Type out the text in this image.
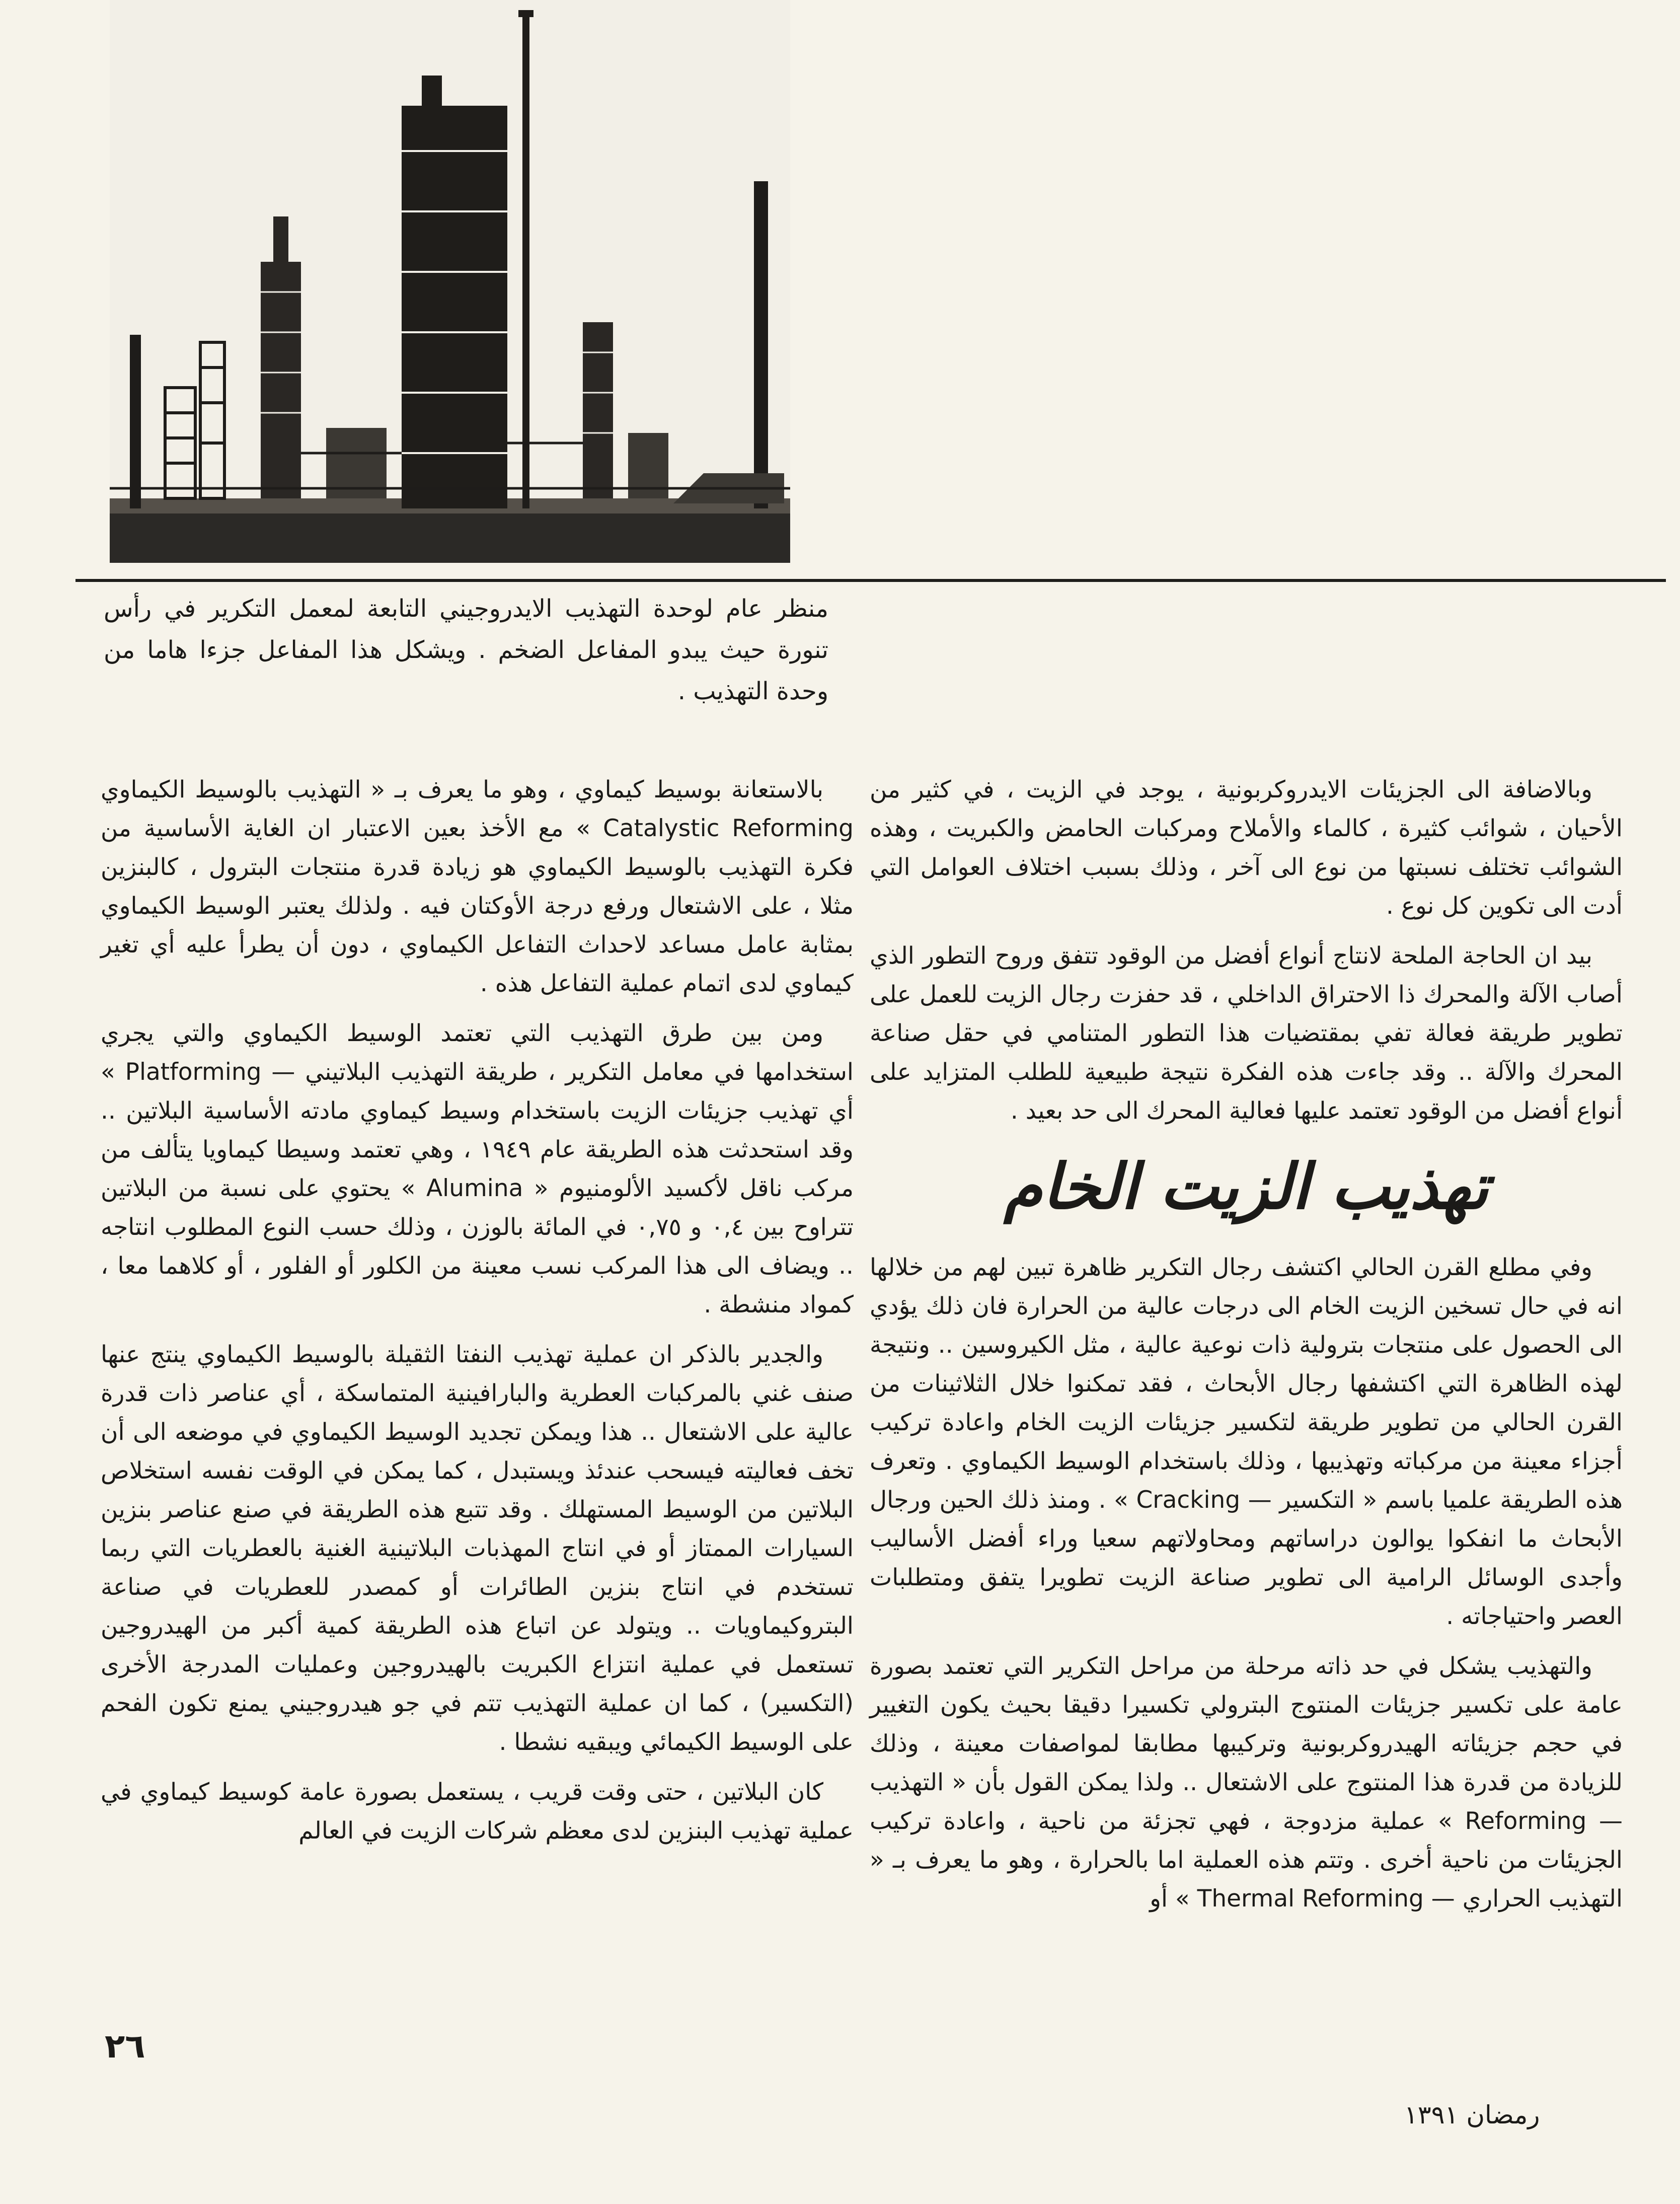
منظر عام لوحدة التهذيب الايدروجيني التابعة لمعمل التكرير في رأس تنورة حيث يبدو المفاعل الضخم . ويشكل هذا المفاعل جزءا هاما من وحدة التهذيب .

وبالاضافة الى الجزيئات الايدروكربونية ، يوجد في الزيت ، في كثير من الأحيان ، شوائب كثيرة ، كالماء والأملاح ومركبات الحامض والكبريت ، وهذه الشوائب تختلف نسبتها من نوع الى آخر ، وذلك بسبب اختلاف العوامل التي أدت الى تكوين كل نوع .

بيد ان الحاجة الملحة لانتاج أنواع أفضل من الوقود تتفق وروح التطور الذي أصاب الآلة والمحرك ذا الاحتراق الداخلي ، قد حفزت رجال الزيت للعمل على تطوير طريقة فعالة تفي بمقتضيات هذا التطور المتنامي في حقل صناعة المحرك والآلة .. وقد جاءت هذه الفكرة نتيجة طبيعية للطلب المتزايد على أنواع أفضل من الوقود تعتمد عليها فعالية المحرك الى حد بعيد .

تهذيب الزيت الخام

وفي مطلع القرن الحالي اكتشف رجال التكرير ظاهرة تبين لهم من خلالها انه في حال تسخين الزيت الخام الى درجات عالية من الحرارة فان ذلك يؤدي الى الحصول على منتجات بترولية ذات نوعية عالية ، مثل الكيروسين .. ونتيجة لهذه الظاهرة التي اكتشفها رجال الأبحاث ، فقد تمكنوا خلال الثلاثينات من القرن الحالي من تطوير طريقة لتكسير جزيئات الزيت الخام واعادة تركيب أجزاء معينة من مركباته وتهذيبها ، وذلك باستخدام الوسيط الكيماوي . وتعرف هذه الطريقة علميا باسم « التكسير — Cracking » . ومنذ ذلك الحين ورجال الأبحاث ما انفكوا يوالون دراساتهم ومحاولاتهم سعيا وراء أفضل الأساليب وأجدى الوسائل الرامية الى تطوير صناعة الزيت تطويرا يتفق ومتطلبات العصر واحتياجاته .

والتهذيب يشكل في حد ذاته مرحلة من مراحل التكرير التي تعتمد بصورة عامة على تكسير جزيئات المنتوج البترولي تكسيرا دقيقا بحيث يكون التغيير في حجم جزيئاته الهيدروكربونية وتركيبها مطابقا لمواصفات معينة ، وذلك للزيادة من قدرة هذا المنتوج على الاشتعال .. ولذا يمكن القول بأن « التهذيب — Reforming » عملية مزدوجة ، فهي تجزئة من ناحية ، واعادة تركيب الجزيئات من ناحية أخرى . وتتم هذه العملية اما بالحرارة ، وهو ما يعرف بـ « التهذيب الحراري — Thermal Reforming » أو

بالاستعانة بوسيط كيماوي ، وهو ما يعرف بـ « التهذيب بالوسيط الكيماوي Catalystic Reforming » مع الأخذ بعين الاعتبار ان الغاية الأساسية من فكرة التهذيب بالوسيط الكيماوي هو زيادة قدرة منتجات البترول ، كالبنزين مثلا ، على الاشتعال ورفع درجة الأوكتان فيه . ولذلك يعتبر الوسيط الكيماوي بمثابة عامل مساعد لاحداث التفاعل الكيماوي ، دون أن يطرأ عليه أي تغير كيماوي لدى اتمام عملية التفاعل هذه .

ومن بين طرق التهذيب التي تعتمد الوسيط الكيماوي والتي يجري استخدامها في معامل التكرير ، طريقة التهذيب البلاتيني — Platforming » أي تهذيب جزيئات الزيت باستخدام وسيط كيماوي مادته الأساسية البلاتين .. وقد استحدثت هذه الطريقة عام ١٩٤٩ ، وهي تعتمد وسيطا كيماويا يتألف من مركب ناقل لأكسيد الألومنيوم « Alumina » يحتوي على نسبة من البلاتين تتراوح بين ٠,٤ و ٠,٧٥ في المائة بالوزن ، وذلك حسب النوع المطلوب انتاجه .. ويضاف الى هذا المركب نسب معينة من الكلور أو الفلور ، أو كلاهما معا ، كمواد منشطة .

والجدير بالذكر ان عملية تهذيب النفتا الثقيلة بالوسيط الكيماوي ينتج عنها صنف غني بالمركبات العطرية والبارافينية المتماسكة ، أي عناصر ذات قدرة عالية على الاشتعال .. هذا ويمكن تجديد الوسيط الكيماوي في موضعه الى أن تخف فعاليته فيسحب عندئذ ويستبدل ، كما يمكن في الوقت نفسه استخلاص البلاتين من الوسيط المستهلك . وقد تتبع هذه الطريقة في صنع عناصر بنزين السيارات الممتاز أو في انتاج المهذبات البلاتينية الغنية بالعطريات التي ربما تستخدم في انتاج بنزين الطائرات أو كمصدر للعطريات في صناعة البتروكيماويات .. ويتولد عن اتباع هذه الطريقة كمية أكبر من الهيدروجين تستعمل في عملية انتزاع الكبريت بالهيدروجين وعمليات المدرجة الأخرى (التكسير) ، كما ان عملية التهذيب تتم في جو هيدروجيني يمنع تكون الفحم على الوسيط الكيمائي ويبقيه نشطا .

كان البلاتين ، حتى وقت قريب ، يستعمل بصورة عامة كوسيط كيماوي في عملية تهذيب البنزين لدى معظم شركات الزيت في العالم

٢٦
رمضان ١٣٩١
